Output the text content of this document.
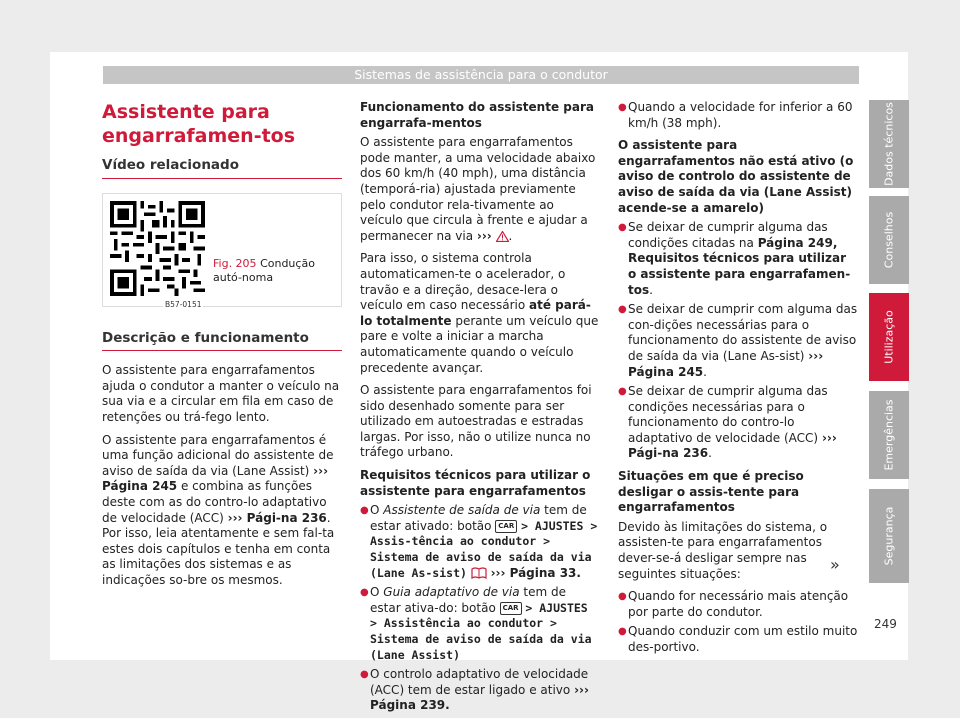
Sistemas de assistência para o condutor
Assistente para engarrafamen-tos
Vídeo relacionado
B57-0151
Fig. 205 Condução autó-noma
Descrição e funcionamento

O assistente para engarrafamentos ajuda o condutor a manter o veículo na sua via e a circular em fila em caso de retenções ou trá-fego lento.

O assistente para engarrafamentos é uma função adicional do assistente de aviso de saída da via (Lane Assist) ››› Página 245 e combina as funções deste com as do contro-lo adaptativo de velocidade (ACC) ››› Pági-na 236. Por isso, leia atentamente e sem fal-ta estes dois capítulos e tenha em conta as limitações dos sistemas e as indicações so-bre os mesmos.

Funcionamento do assistente para engarrafa-mentos

O assistente para engarrafamentos pode manter, a uma velocidade abaixo dos 60 km/h (40 mph), uma distância (temporá-ria) ajustada previamente pelo condutor rela-tivamente ao veículo que circula à frente e ajudar a permanecer na via ››› .

Para isso, o sistema controla automaticamen-te o acelerador, o travão e a direção, desace-lera o veículo em caso necessário até pará-lo totalmente perante um veículo que pare e volte a iniciar a marcha automaticamente quando o veículo precedente avançar.

O assistente para engarrafamentos foi sido desenhado somente para ser utilizado em autoestradas e estradas largas. Por isso, não o utilize nunca no tráfego urbano.

Requisitos técnicos para utilizar o assistente para engarrafamentos

● O Assistente de saída de via tem de estar ativado: botão CAR > AJUSTES > Assis-tência ao condutor > Sistema de aviso de saída da via (Lane As-sist) ››› Página 33.
● O Guia adaptativo de via tem de estar ativa-do: botão CAR > AJUSTES > Assistência ao condutor > Sistema de aviso de saída da via (Lane Assist)
● O controlo adaptativo de velocidade (ACC) tem de estar ligado e ativo ››› Página 239.
● Quando a velocidade for inferior a 60 km/h (38 mph).

O assistente para engarrafamentos não está ativo (o aviso de controlo do assistente de aviso de saída da via (Lane Assist) acende-se a amarelo)

● Se deixar de cumprir alguma das condições citadas na Página 249, Requisitos técnicos para utilizar o assistente para engarrafamen-tos.
● Se deixar de cumprir com alguma das con-dições necessárias para o funcionamento do assistente de aviso de saída da via (Lane As-sist) ››› Página 245.
● Se deixar de cumprir alguma das condições necessárias para o funcionamento do contro-lo adaptativo de velocidade (ACC) ››› Pági-na 236.

Situações em que é preciso desligar o assis-tente para engarrafamentos

Devido às limitações do sistema, o assisten-te para engarrafamentos dever-se-á desligar sempre nas seguintes situações:

● Quando for necessário mais atenção por parte do condutor.
● Quando conduzir com um estilo muito des-portivo.
»
Dados técnicos
Conselhos
Utilização
Emergências
Segurança
249
